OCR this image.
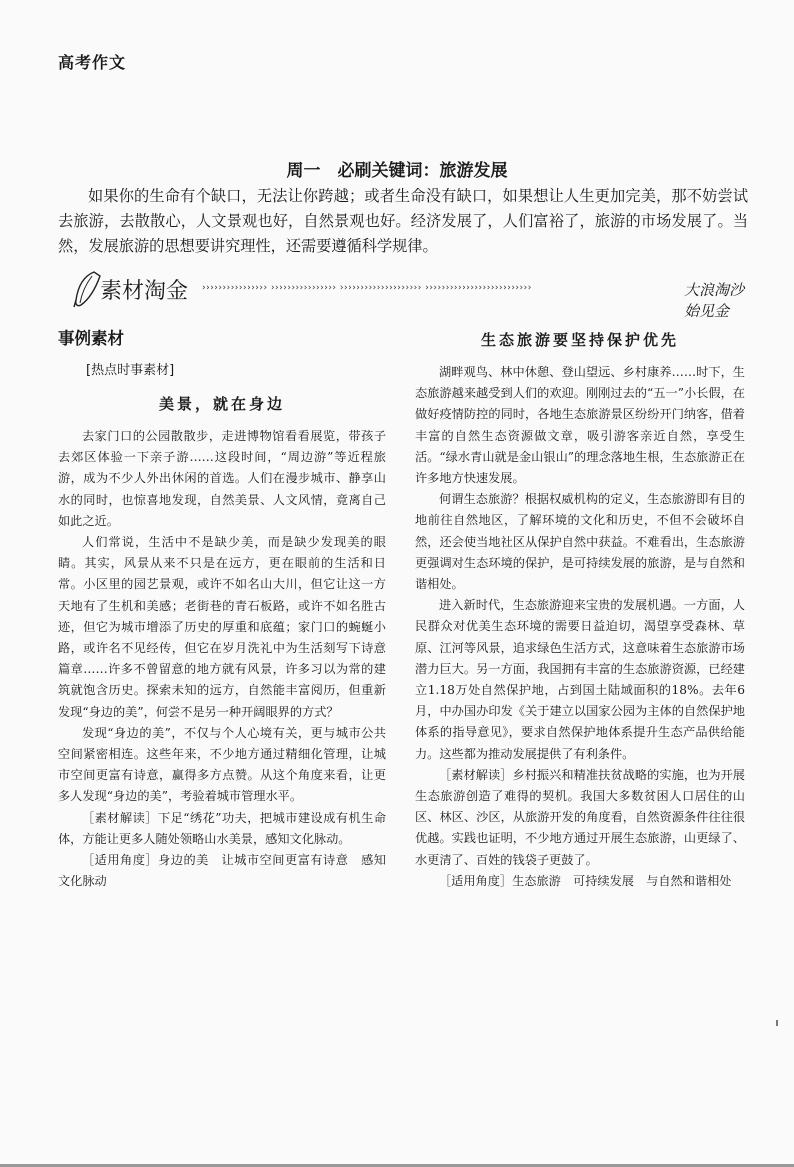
高考作文
周一　必刷关键词：旅游发展
如果你的生命有个缺口，无法让你跨越；或者生命没有缺口，如果想让人生更加完美，那不妨尝试去旅游，去散散心，人文景观也好，自然景观也好。经济发展了，人们富裕了，旅游的市场发展了。当然，发展旅游的思想要讲究理性，还需要遵循科学规律。
素材淘金 ›››››››››››››››› ›››››››››››››››› ›››››››››››››››››››› ››››››››››››››››››››››››››	大浪淘沙始见金
事例素材
[热点时事素材]
美景，就在身边

去家门口的公园散散步，走进博物馆看看展览，带孩子去郊区体验一下亲子游……这段时间，“周边游”等近程旅游，成为不少人外出休闲的首选。人们在漫步城市、静享山水的同时，也惊喜地发现，自然美景、人文风情，竟离自己如此之近。

人们常说，生活中不是缺少美，而是缺少发现美的眼睛。其实，风景从来不只是在远方，更在眼前的生活和日常。小区里的园艺景观，或许不如名山大川，但它让这一方天地有了生机和美感；老街巷的青石板路，或许不如名胜古迹，但它为城市增添了历史的厚重和底蕴；家门口的蜿蜒小路，或许名不见经传，但它在岁月洗礼中为生活刻写下诗意篇章……许多不曾留意的地方就有风景，许多习以为常的建筑就饱含历史。探索未知的远方，自然能丰富阅历，但重新发现“身边的美”，何尝不是另一种开阔眼界的方式？

发现“身边的美”，不仅与个人心境有关，更与城市公共空间紧密相连。这些年来，不少地方通过精细化管理，让城市空间更富有诗意，赢得多方点赞。从这个角度来看，让更多人发现“身边的美”，考验着城市管理水平。

［素材解读］下足“绣花”功夫，把城市建设成有机生命体，方能让更多人随处领略山水美景，感知文化脉动。

［适用角度］身边的美　让城市空间更富有诗意　感知文化脉动

生态旅游要坚持保护优先

湖畔观鸟、林中休憩、登山望远、乡村康养……时下，生态旅游越来越受到人们的欢迎。刚刚过去的“五一”小长假，在做好疫情防控的同时，各地生态旅游景区纷纷开门纳客，借着丰富的自然生态资源做文章，吸引游客亲近自然，享受生活。“绿水青山就是金山银山”的理念落地生根，生态旅游正在许多地方快速发展。

何谓生态旅游？根据权威机构的定义，生态旅游即有目的地前往自然地区，了解环境的文化和历史，不但不会破坏自然，还会使当地社区从保护自然中获益。不难看出，生态旅游更强调对生态环境的保护，是可持续发展的旅游，是与自然和谐相处。

进入新时代，生态旅游迎来宝贵的发展机遇。一方面，人民群众对优美生态环境的需要日益迫切，渴望享受森林、草原、江河等风景，追求绿色生活方式，这意味着生态旅游市场潜力巨大。另一方面，我国拥有丰富的生态旅游资源，已经建立1.18万处自然保护地，占到国土陆域面积的18%。去年6月，中办国办印发《关于建立以国家公园为主体的自然保护地体系的指导意见》，要求自然保护地体系提升生态产品供给能力。这些都为推动发展提供了有利条件。

［素材解读］乡村振兴和精准扶贫战略的实施，也为开展生态旅游创造了难得的契机。我国大多数贫困人口居住的山区、林区、沙区，从旅游开发的角度看，自然资源条件往往很优越。实践也证明，不少地方通过开展生态旅游，山更绿了、水更清了、百姓的钱袋子更鼓了。

［适用角度］生态旅游　可持续发展　与自然和谐相处
